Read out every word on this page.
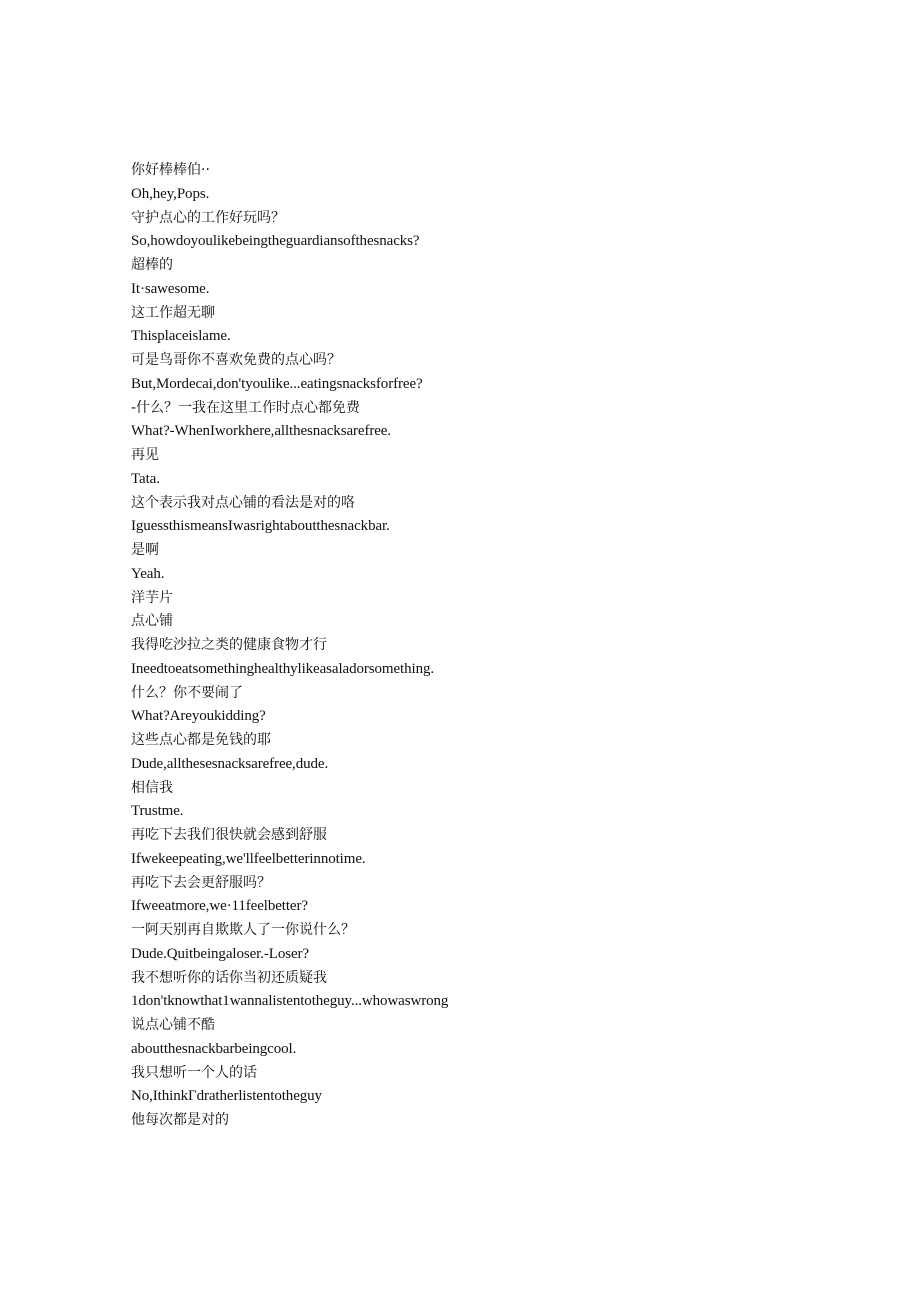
你好棒棒伯··
Oh,hey,Pops.
守护点心的工作好玩吗？
So,howdoyoulikebeingtheguardiansofthesnacks?
超棒的
It·sawesome.
这工作超无聊
Thisplaceislame.
可是鸟哥你不喜欢免费的点心吗？
But,Mordecai,don'tyoulike...eatingsnacksforfree?
-什么？一我在这里工作时点心都免费
What?-WhenIworkhere,allthesnacksarefree.
再见
Tata.
这个表示我对点心铺的看法是对的咯
IguessthismeansIwasrightaboutthesnackbar.
是啊
Yeah.
洋芋片
点心铺
我得吃沙拉之类的健康食物才行
Ineedtoeatsomethinghealthylikeasaladorsomething.
什么？你不要闹了
What?Areyoukidding?
这些点心都是免钱的耶
Dude,allthesesnacksarefree,dude.
相信我
Trustme.
再吃下去我们很快就会感到舒服
Ifwekeepeating,we'llfeelbetterinnotime.
再吃下去会更舒服吗？
Ifweeatmore,we·11feelbetter?
一阿天别再自欺欺人了一你说什么？
Dude.Quitbeingaloser.-Loser?
我不想听你的话你当初还质疑我
1don'tknowthat1wannalistentotheguy...whowaswrong
说点心铺不酷
aboutthesnackbarbeingcool.
我只想听一个人的话
No,IthinkΓdratherlistentotheguy
他每次都是对的
